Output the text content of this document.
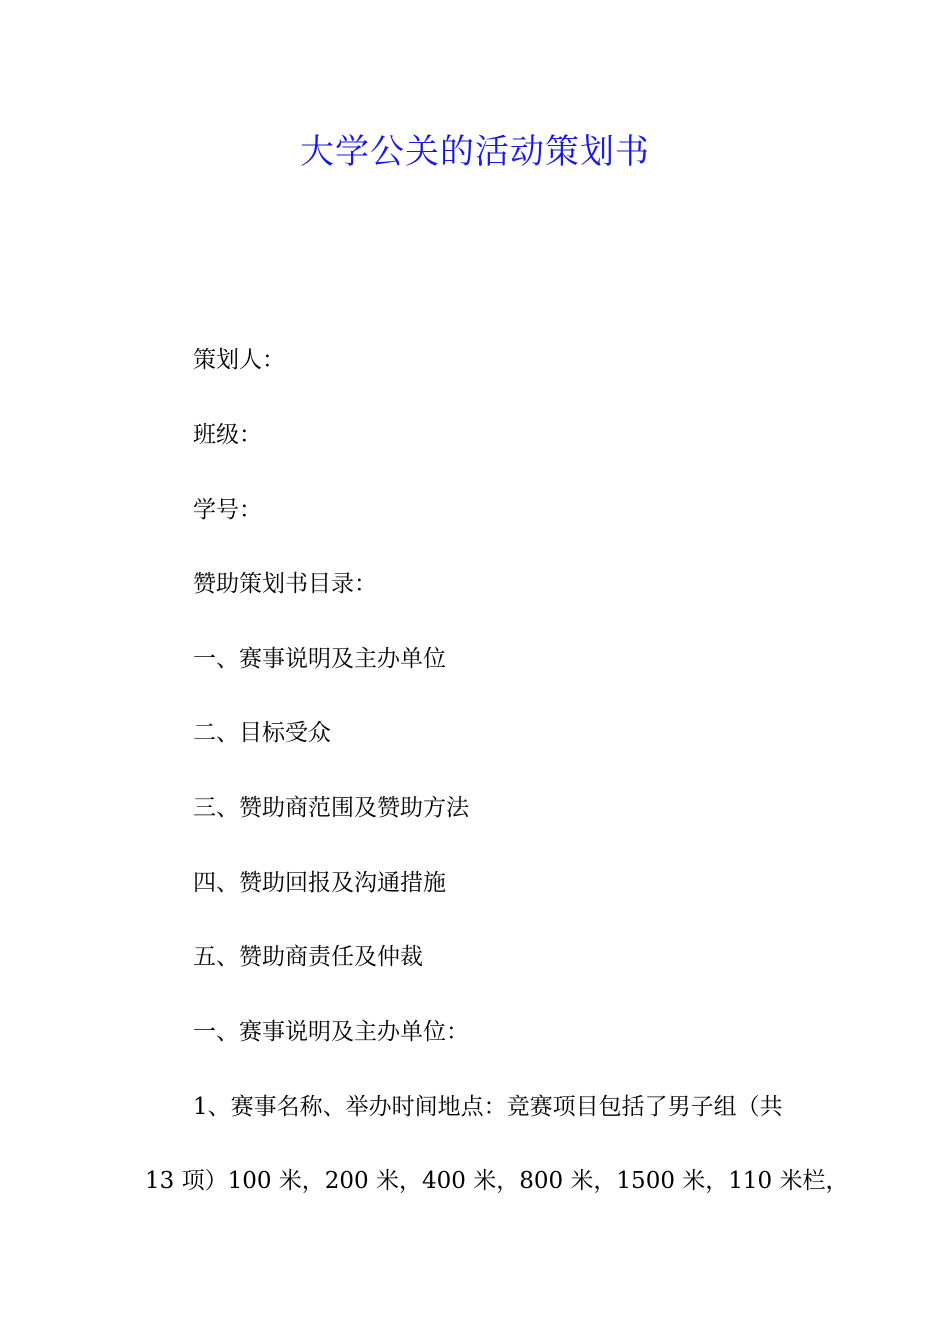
大学公关的活动策划书
策划人：
班级：
学号：
赞助策划书目录：
一、赛事说明及主办单位
二、目标受众
三、赞助商范围及赞助方法
四、赞助回报及沟通措施
五、赞助商责任及仲裁
一、赛事说明及主办单位：
1、赛事名称、举办时间地点：竞赛项目包括了男子组（共
13 项）100 米，200 米，400 米，800 米，1500 米，110 米栏，
